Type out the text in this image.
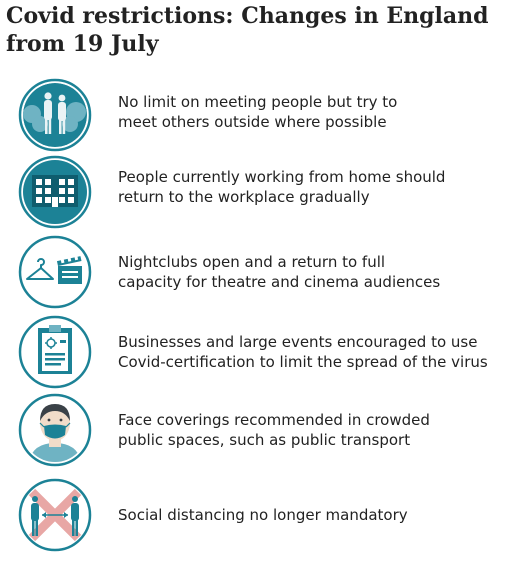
Covid restrictions: Changes in England
from 19 July
No limit on meeting people but try to
meet others outside where possible
People currently working from home should
return to the workplace gradually
Nightclubs open and a return to full
capacity for theatre and cinema audiences
Businesses and large events encouraged to use
Covid-certification to limit the spread of the virus
Face coverings recommended in crowded
public spaces, such as public transport
Social distancing no longer mandatory
